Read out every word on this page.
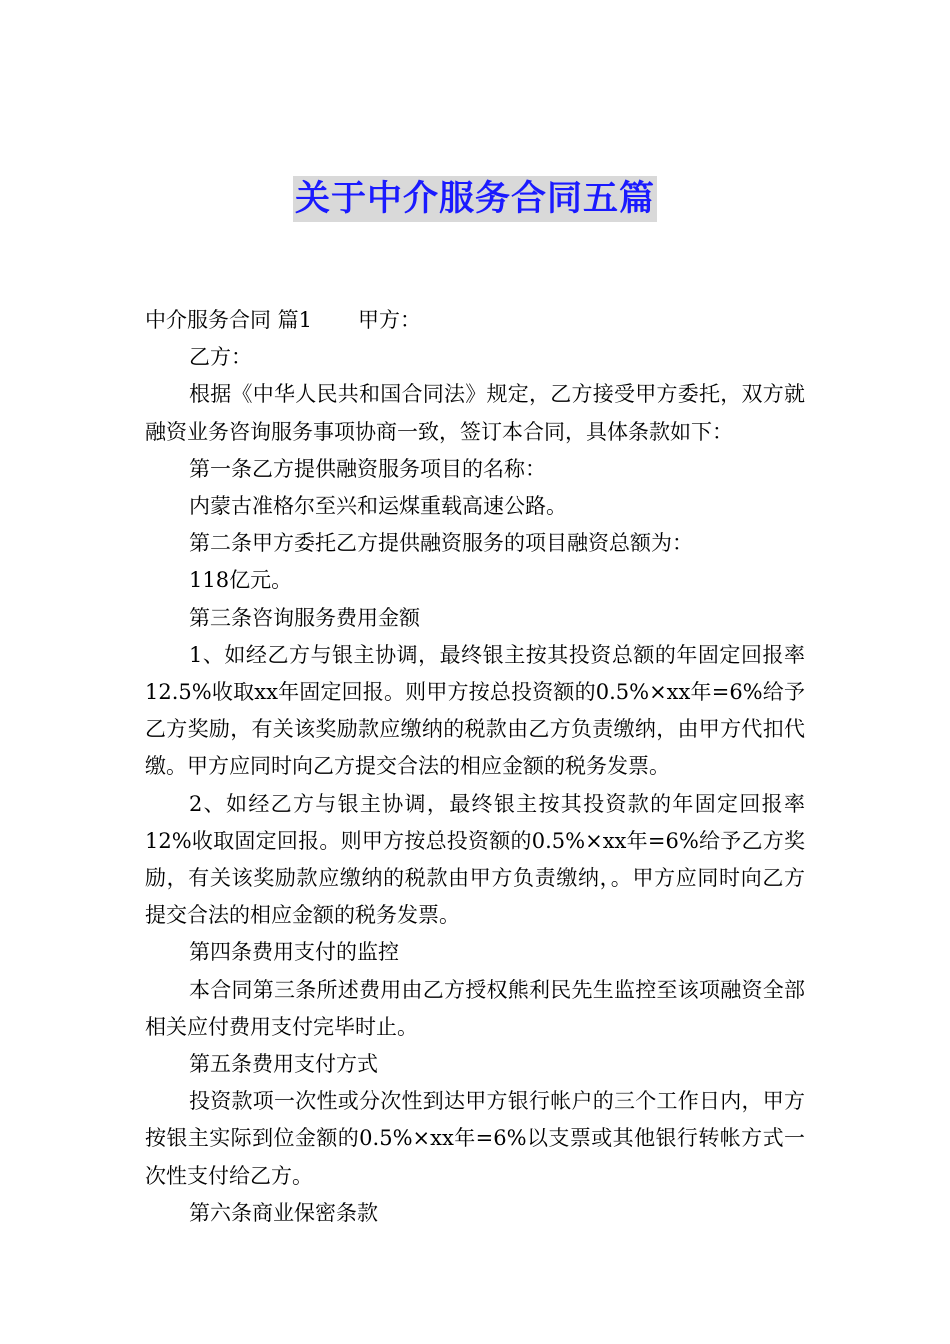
关于中介服务合同五篇

中介服务合同 篇1 甲方：

乙方：

根据《中华人民共和国合同法》规定，乙方接受甲方委托，双方就融资业务咨询服务事项协商一致，签订本合同，具体条款如下：

第一条乙方提供融资服务项目的名称：

内蒙古准格尔至兴和运煤重载高速公路。

第二条甲方委托乙方提供融资服务的项目融资总额为：

118亿元。

第三条咨询服务费用金额

1、如经乙方与银主协调，最终银主按其投资总额的年固定回报率12.5%收取xx年固定回报。则甲方按总投资额的0.5%×xx年=6%给予乙方奖励，有关该奖励款应缴纳的税款由乙方负责缴纳，由甲方代扣代缴。甲方应同时向乙方提交合法的相应金额的税务发票。

2、如经乙方与银主协调，最终银主按其投资款的年固定回报率12%收取固定回报。则甲方按总投资额的0.5%×xx年=6%给予乙方奖励，有关该奖励款应缴纳的税款由甲方负责缴纳，。甲方应同时向乙方提交合法的相应金额的税务发票。

第四条费用支付的监控

本合同第三条所述费用由乙方授权熊利民先生监控至该项融资全部相关应付费用支付完毕时止。

第五条费用支付方式

投资款项一次性或分次性到达甲方银行帐户的三个工作日内，甲方按银主实际到位金额的0.5%×xx年=6%以支票或其他银行转帐方式一次性支付给乙方。

第六条商业保密条款
